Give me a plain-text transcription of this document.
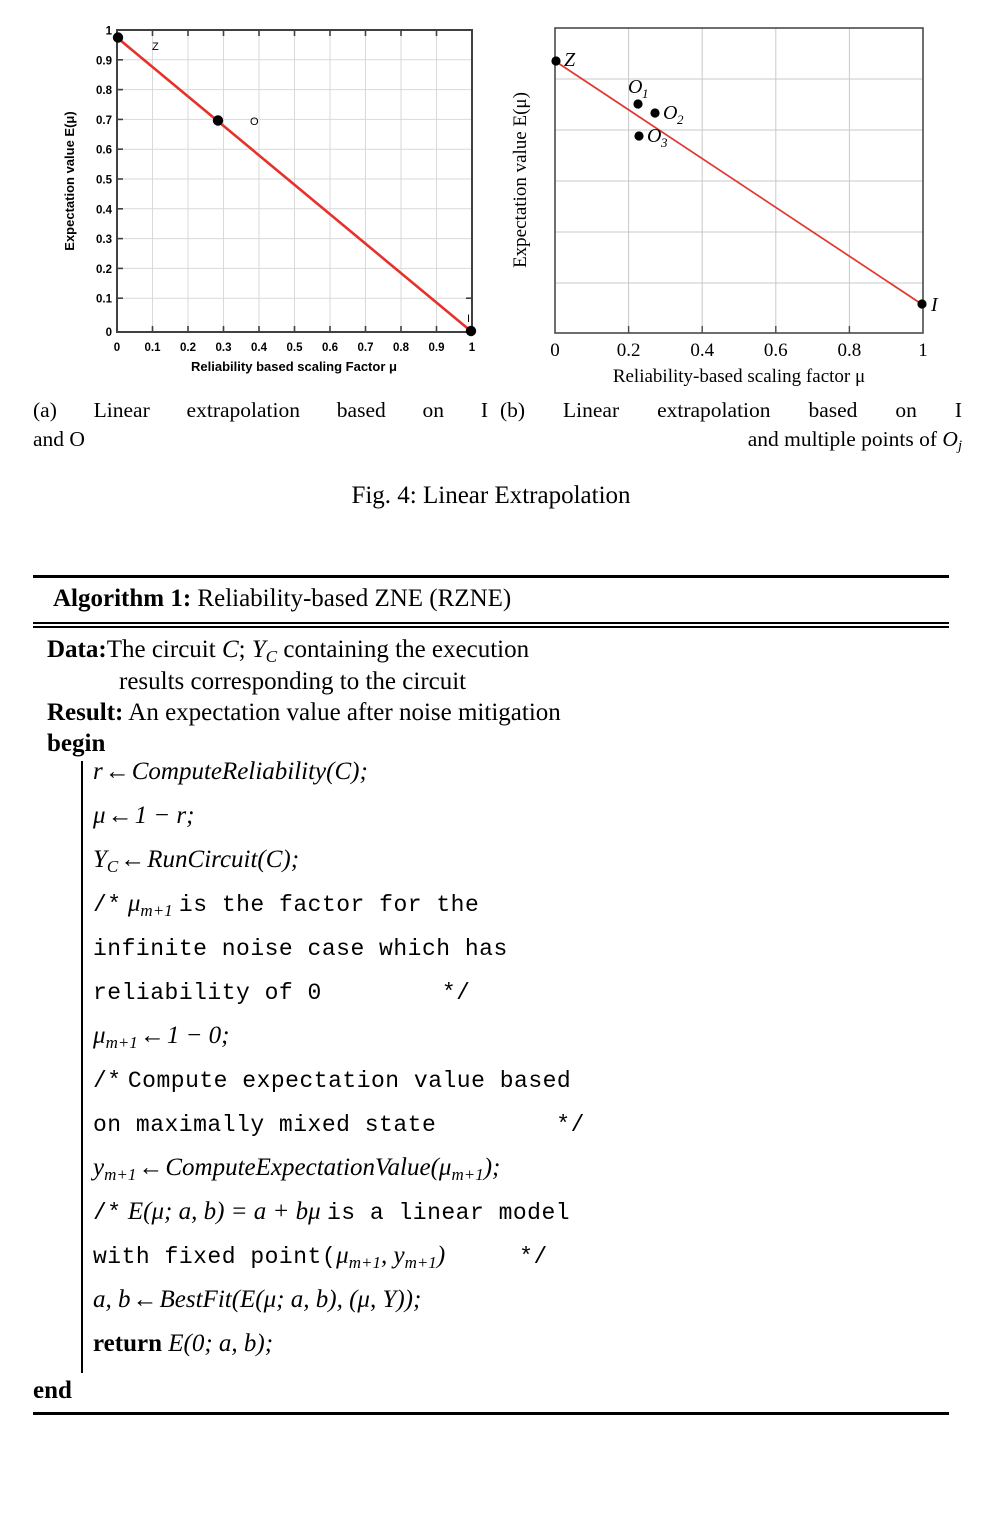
Z
O
I
1
0.9
0.8
0.7
0.6
0.5
0.4
0.3
0.2
0.1
0
0 0.1 0.2 0.3 0.4 0.5 0.6 0.7 0.8 0.9 1
Reliability based scaling Factor μ
Expectation value E(μ)
Z
O 1
O 2
O 3
I
0	0.2	0.4	0.6	0.8	1
Reliability-based scaling factor μ
Expectation value E(μ)
(a) Linear extrapolation based on I
and O
(b) Linear extrapolation based on I
and multiple points of $O_j$
Fig. 4: Linear Extrapolation
Algorithm 1: Reliability-based ZNE (RZNE)
Data:The circuit C; $Y_C$ containing the execution
results corresponding to the circuit
Result: An expectation value after noise mitigation
begin
r←ComputeReliability(C);
μ←1 − r;
$Y_C\leftarrow RunCircuit(C)$;
/* $\mu_{m+1}$ is the factor for the
infinite noise case which has
reliability of 0	*/
$\mu_{m+1}\leftarrow 1 - 0$;
/* Compute expectation value based
on maximally mixed state	*/
$y_{m+1}\leftarrow ComputeExpectationValue(\mu_{m+1})$;
/* E(μ; a, b) = a + bμ is a linear model
with fixed $point(\mu_{m+1}$, $y_{m+1}$)	*/
a, b←BestFit(E(μ; a, b), (μ, Y));
return E(0; a, b);
end
